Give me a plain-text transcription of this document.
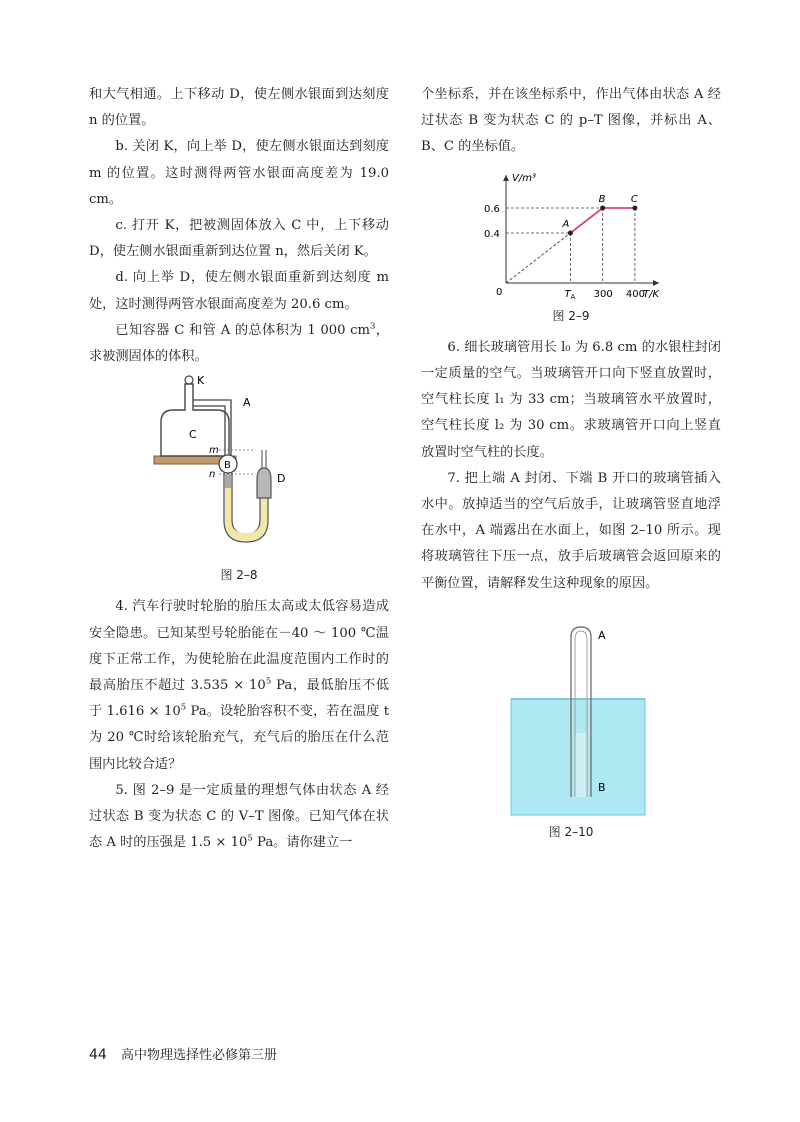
和大气相通。上下移动 D，使左侧水银面到达刻度 n 的位置。

b. 关闭 K，向上举 D，使左侧水银面达到刻度 m 的位置。这时测得两管水银面高度差为 19.0 cm。

c. 打开 K，把被测固体放入 C 中，上下移动 D，使左侧水银面重新到达位置 n，然后关闭 K。

d. 向上举 D，使左侧水银面重新到达刻度 m 处，这时测得两管水银面高度差为 20.6 cm。

已知容器 C 和管 A 的总体积为 1 000 $cm^3$，求被测固体的体积。

K
C
A
m
n
B
D
图 2–8

4. 汽车行驶时轮胎的胎压太高或太低容易造成安全隐患。已知某型号轮胎能在－40 ～ 100 ℃温度下正常工作，为使轮胎在此温度范围内工作时的最高胎压不超过 $3.535 \times 10^5$ Pa，最低胎压不低于 $1.616 \times 10^5$ Pa。设轮胎容积不变，若在温度 t 为 20 ℃时给该轮胎充气，充气后的胎压在什么范围内比较合适？

5. 图 2–9 是一定质量的理想气体由状态 A 经过状态 B 变为状态 C 的 V–T 图像。已知气体在状态 A 时的压强是 $1.5 \times 10^5$ Pa。请你建立一

个坐标系，并在该坐标系中，作出气体由状态 A 经过状态 B 变为状态 C 的 p–T 图像，并标出 A、B、C 的坐标值。

T/K
V/m³
0	$T_A$ 300 400
0.4
0.6
A
B	C
图 2–9

6. 细长玻璃管用长 l₀ 为 6.8 cm 的水银柱封闭一定质量的空气。当玻璃管开口向下竖直放置时，空气柱长度 l₁ 为 33 cm；当玻璃管水平放置时，空气柱长度 l₂ 为 30 cm。求玻璃管开口向上竖直放置时空气柱的长度。

7. 把上端 A 封闭、下端 B 开口的玻璃管插入水中。放掉适当的空气后放手，让玻璃管竖直地浮在水中，A 端露出在水面上，如图 2–10 所示。现将玻璃管往下压一点，放手后玻璃管会返回原来的平衡位置，请解释发生这种现象的原因。

A
B
图 2–10
44 高中物理选择性必修第三册
